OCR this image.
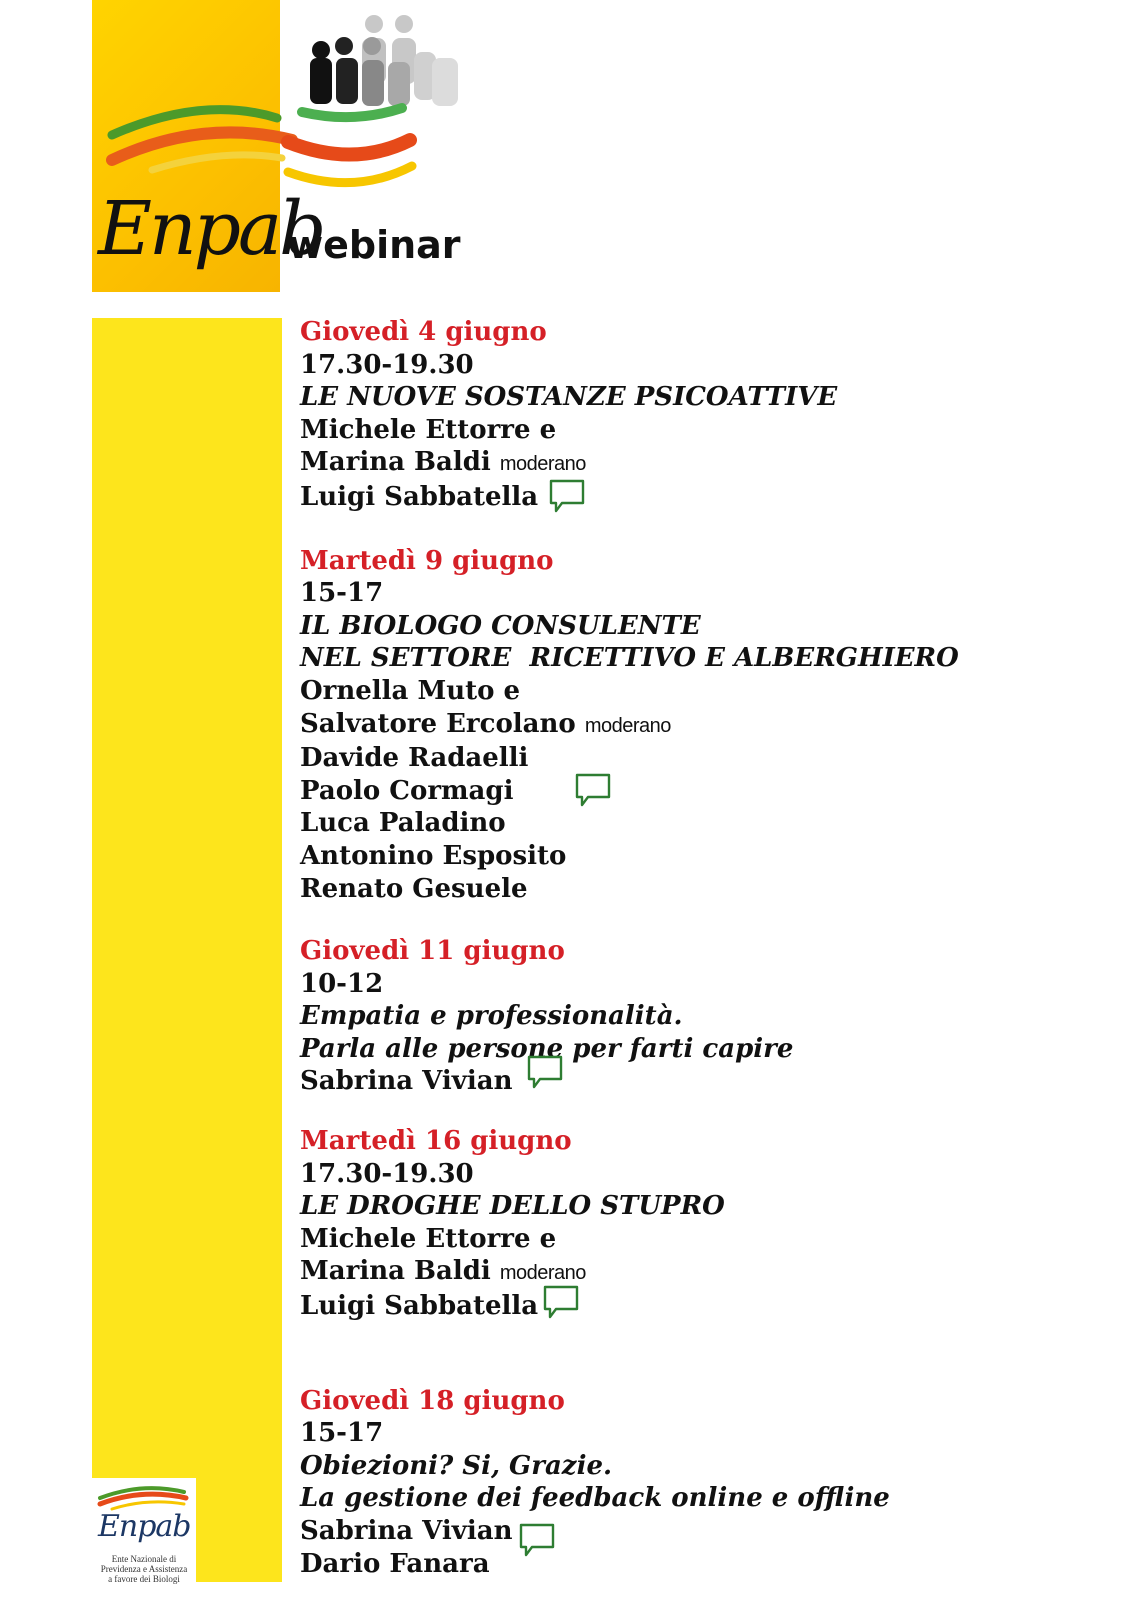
Enpab
webinar
Giovedì 4 giugno
17.30-19.30
LE NUOVE SOSTANZE PSICOATTIVE
Michele Ettorre e
Marina Baldi moderano
Luigi Sabbatella
Martedì 9 giugno
15-17
IL BIOLOGO CONSULENTE
NEL SETTORE  RICETTIVO E ALBERGHIERO
Ornella Muto e
Salvatore Ercolano moderano
Davide Radaelli
Paolo Cormagi
Luca Paladino
Antonino Esposito
Renato Gesuele
Giovedì 11 giugno
10-12
Empatia e professionalità.
Parla alle persone per farti capire
Sabrina Vivian
Martedì 16 giugno
17.30-19.30
LE DROGHE DELLO STUPRO
Michele Ettorre e
Marina Baldi moderano
Luigi Sabbatella
Giovedì 18 giugno
15-17
Obiezioni? Si, Grazie.
La gestione dei feedback online e offline
Sabrina Vivian
Dario Fanara
Enpab
Ente Nazionale di
Previdenza e Assistenza
a favore dei Biologi
